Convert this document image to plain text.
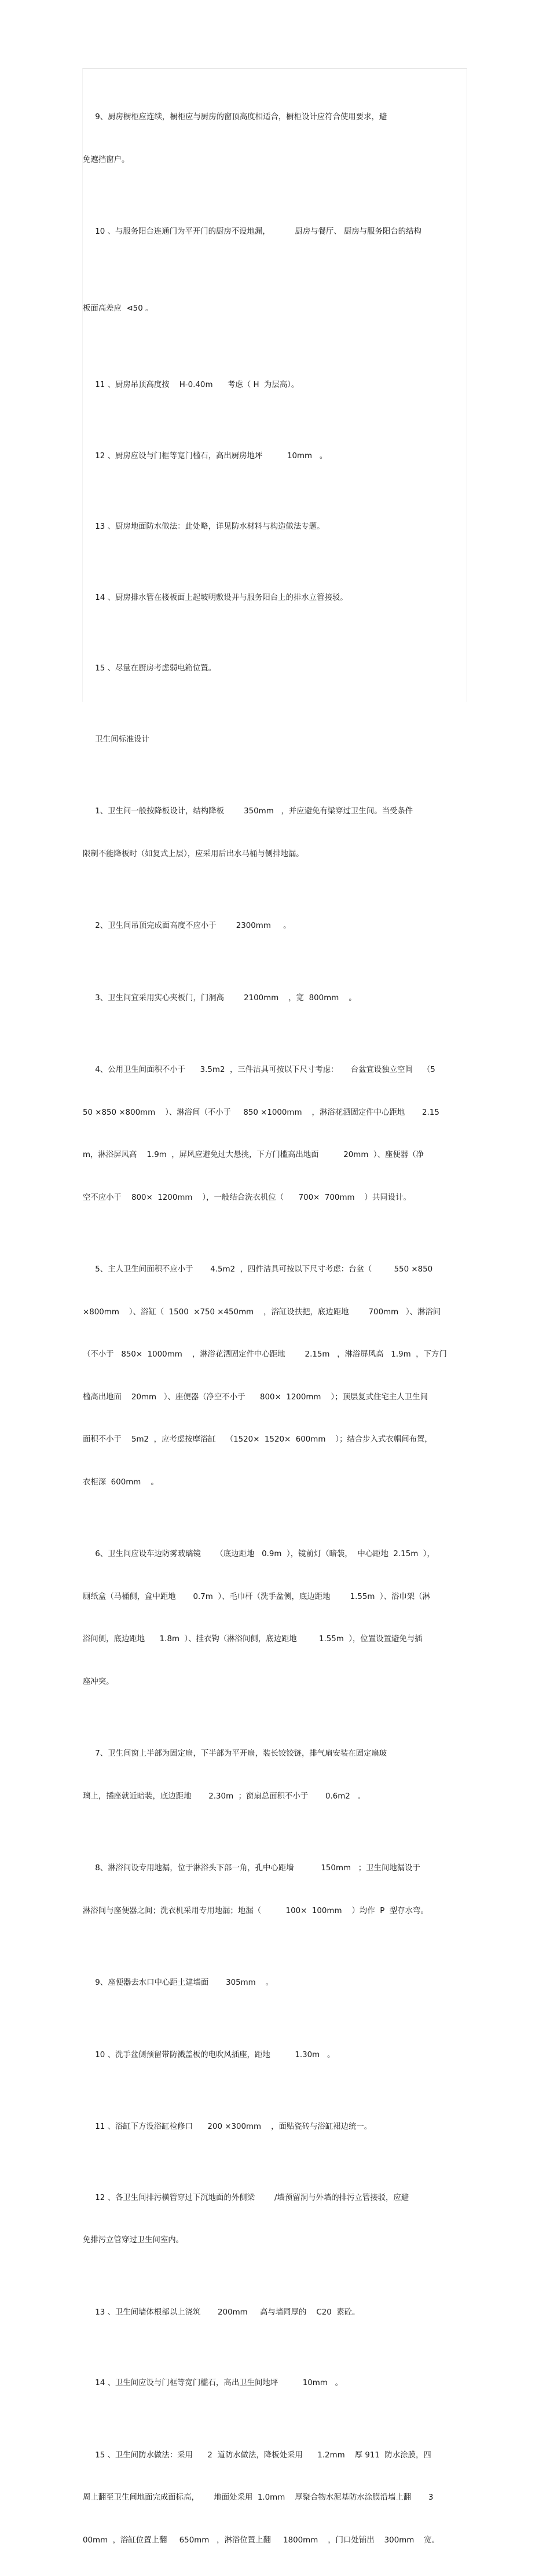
9、厨房橱柜应连续，橱柜应与厨房的窗顶高度相适合，橱柜设计应符合使用要求，避

免遮挡窗户。

10 、与服务阳台连通门为平开门的厨房不设地漏，          厨房与餐厅、 厨房与服务阳台的结构

板面高差应  ⊲50 。

11 、厨房吊顶高度按    H-0.40m      考虑（ H  为层高）。

12 、厨房应设与门框等宽门槛石，高出厨房地坪          10mm   。

13 、厨房地面防水做法：此处略，详见防水材料与构造做法专题。

14 、厨房排水管在楼板面上起坡明敷设并与服务阳台上的排水立管接驳。

15 、尽量在厨房考虑弱电箱位置。

卫生间标准设计

1、卫生间一般按降板设计，结构降板        350mm   ，并应避免有梁穿过卫生间。当受条件

限制不能降板时（如复式上层），应采用后出水马桶与侧排地漏。

2、卫生间吊顶完成面高度不应小于        2300mm     。

3、卫生间宜采用实心夹板门，门洞高        2100mm    ，宽  800mm    。

4、公用卫生间面积不小于      3.5m2  ，三件洁具可按以下尺寸考虑：     台盆宜设独立空间    （5

50 ×850 ×800mm    ）、淋浴间（不小于     850 ×1000mm    ，淋浴花洒固定件中心距地       2.15

m，淋浴屏风高    1.9m  ，屏风应避免过大悬挑，下方门槛高出地面          20mm  ）、座便器（净

空不应小于    800×  1200mm    ），一般结合洗衣机位（      700×  700mm    ）共同设计。

5、主人卫生间面积不应小于       4.5m2  ，四件洁具可按以下尺寸考虑：台盆（         550 ×850

×800mm    ）、浴缸（  1500  ×750 ×450mm    ，浴缸设扶把，底边距地        700mm   ）、淋浴间

（不小于   850×  1000mm    ，淋浴花洒固定件中心距地        2.15m   ，淋浴屏风高   1.9m  ，下方门

槛高出地面    20mm   ）、座便器（净空不小于      800×  1200mm    ）；顶层复式住宅主人卫生间

面积不小于    5m2  ，应考虑按摩浴缸    （1520×  1520×  600mm    ）；结合步入式衣帽间布置，

衣柜深  600mm    。

6、卫生间应设车边防雾玻璃镜      （底边距地   0.9m  ），镜前灯（暗装，  中心距地  2.15m  ），

厕纸盒（马桶侧，盒中距地       0.7m  ）、毛巾杆（洗手盆侧，底边距地        1.55m  ）、浴巾架（淋

浴间侧，底边距地      1.8m  ）、挂衣钩（淋浴间侧，底边距地         1.55m  ），位置设置避免与插

座冲突。

7、卫生间窗上半部为固定扇，下半部为平开扇，装长铰铰链，排气扇安装在固定扇玻

璃上，插座就近暗装，底边距地       2.30m  ；窗扇总面积不小于       0.6m2   。

8、淋浴间设专用地漏，位于淋浴头下部一角，孔中心距墙           150mm   ；卫生间地漏设于

淋浴间与座便器之间；洗衣机采用专用地漏；地漏（          100×  100mm    ）均作  P  型存水弯。

9、座便器去水口中心距土建墙面       305mm    。

10 、洗手盆侧预留带防溅盖板的电吹风插座，距地          1.30m   。

11 、浴缸下方设浴缸检修口      200 ×300mm    ，面贴瓷砖与浴缸裙边统一。

12 、各卫生间排污横管穿过下沉地面的外侧梁        /墙预留洞与外墙的排污立管接驳，应避

免排污立管穿过卫生间室内。

13 、卫生间墙体根部以上浇筑       200mm     高与墙同厚的    C20  素砼。

14 、卫生间应设与门框等宽门槛石，高出卫生间地坪          10mm   。

15 、卫生间防水做法：采用      2  道防水做法，降板处采用      1.2mm    厚 911  防水涂膜，四

周上翻至卫生间地面完成面标高，      地面处采用  1.0mm    厚聚合物水泥基防水涂膜沿墙上翻       3

00mm  ，浴缸位置上翻     650mm   ，淋浴位置上翻     1800mm    ，门口处铺出    300mm    宽。
